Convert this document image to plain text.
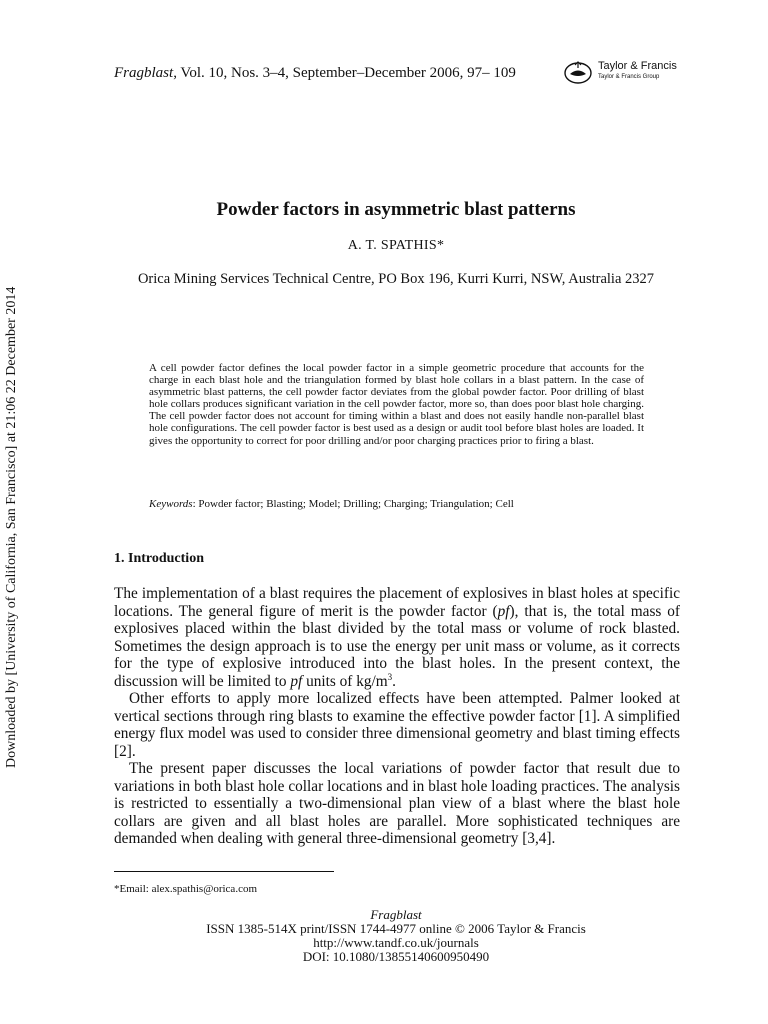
Fragblast, Vol. 10, Nos. 3–4, September–December 2006, 97– 109	Taylor & Francis
Taylor & Francis Group
Downloaded by [University of California, San Francisco] at 21:06 22 December 2014
Powder factors in asymmetric blast patterns
A. T. SPATHIS*
Orica Mining Services Technical Centre, PO Box 196, Kurri Kurri, NSW, Australia 2327
A cell powder factor defines the local powder factor in a simple geometric procedure that accounts for the charge in each blast hole and the triangulation formed by blast hole collars in a blast pattern. In the case of asymmetric blast patterns, the cell powder factor deviates from the global powder factor. Poor drilling of blast hole collars produces significant variation in the cell powder factor, more so, than does poor blast hole charging. The cell powder factor does not account for timing within a blast and does not easily handle non-parallel blast hole configurations. The cell powder factor is best used as a design or audit tool before blast holes are loaded. It gives the opportunity to correct for poor drilling and/or poor charging practices prior to firing a blast.
Keywords: Powder factor; Blasting; Model; Drilling; Charging; Triangulation; Cell
1. Introduction

The implementation of a blast requires the placement of explosives in blast holes at specific locations. The general figure of merit is the powder factor (pf), that is, the total mass of explosives placed within the blast divided by the total mass or volume of rock blasted. Sometimes the design approach is to use the energy per unit mass or volume, as it corrects for the type of explosive introduced into the blast holes. In the present context, the discussion will be limited to pf units of $kg/m^3$.

Other efforts to apply more localized effects have been attempted. Palmer looked at vertical sections through ring blasts to examine the effective powder factor [1]. A simplified energy flux model was used to consider three dimensional geometry and blast timing effects [2].

The present paper discusses the local variations of powder factor that result due to variations in both blast hole collar locations and in blast hole loading practices. The analysis is restricted to essentially a two-dimensional plan view of a blast where the blast hole collars are given and all blast holes are parallel. More sophisticated techniques are demanded when dealing with general three-dimensional geometry [3,4].

*Email: alex.spathis@orica.com
Fragblast
ISSN 1385-514X print/ISSN 1744-4977 online © 2006 Taylor & Francis
http://www.tandf.co.uk/journals
DOI: 10.1080/13855140600950490
